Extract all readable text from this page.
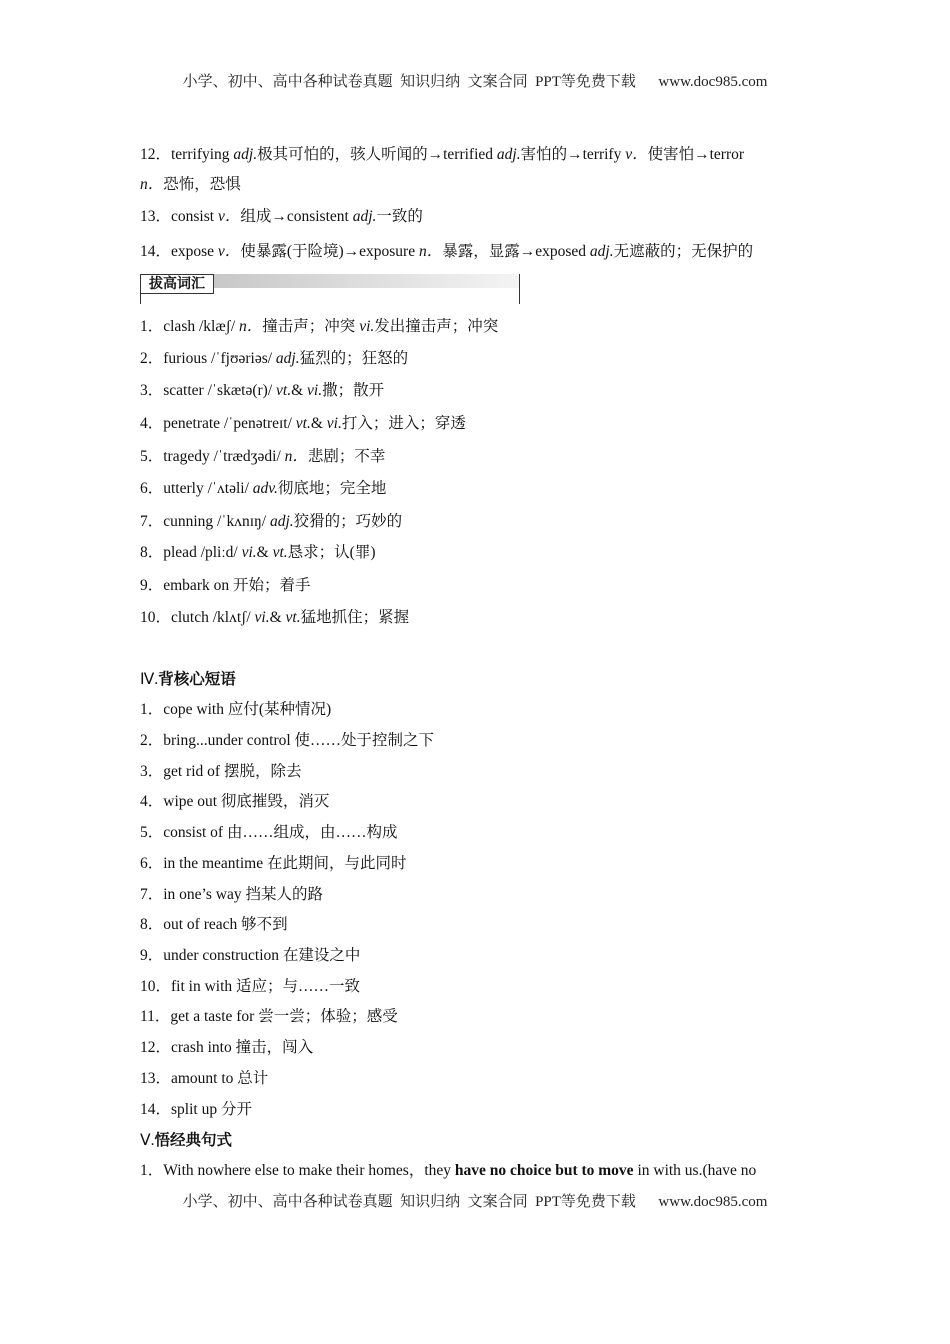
小学、初中、高中各种试卷真题  知识归纳  文案合同  PPT等免费下载      www.doc985.com
12．terrifying adj.极其可怕的，骇人听闻的→terrified adj.害怕的→terrify v．使害怕→terror
n．恐怖，恐惧
13．consist v．组成→consistent adj.一致的
14．expose v．使暴露(于险境)→exposure n．暴露，显露→exposed adj.无遮蔽的；无保护的
拔高词汇
1．clash /klæʃ/ n．撞击声；冲突 vi.发出撞击声；冲突
2．furious /ˈfjʊəriəs/ adj.猛烈的；狂怒的
3．scatter /ˈskætə(r)/ vt.& vi.撒；散开
4．penetrate /ˈpenətreɪt/ vt.& vi.打入；进入；穿透
5．tragedy /ˈtrædʒədi/ n．悲剧；不幸
6．utterly /ˈʌtəli/ adv.彻底地；完全地
7．cunning /ˈkʌnɪŋ/ adj.狡猾的；巧妙的
8．plead /pliːd/ vi.& vt.恳求；认(罪)
9．embark on 开始；着手
10．clutch /klʌtʃ/ vi.& vt.猛地抓住；紧握
Ⅳ.背核心短语
1．cope with 应付(某种情况)
2．bring...under control 使……处于控制之下
3．get rid of 摆脱，除去
4．wipe out 彻底摧毁，消灭
5．consist of 由……组成，由……构成
6．in the meantime 在此期间，与此同时
7．in one’s way 挡某人的路
8．out of reach 够不到
9．under construction 在建设之中
10．fit in with 适应；与……一致
11．get a taste for 尝一尝；体验；感受
12．crash into 撞击，闯入
13．amount to 总计
14．split up 分开
Ⅴ.悟经典句式
1．With nowhere else to make their homes，they have no choice but to move in with us.(have no
小学、初中、高中各种试卷真题  知识归纳  文案合同  PPT等免费下载      www.doc985.com
